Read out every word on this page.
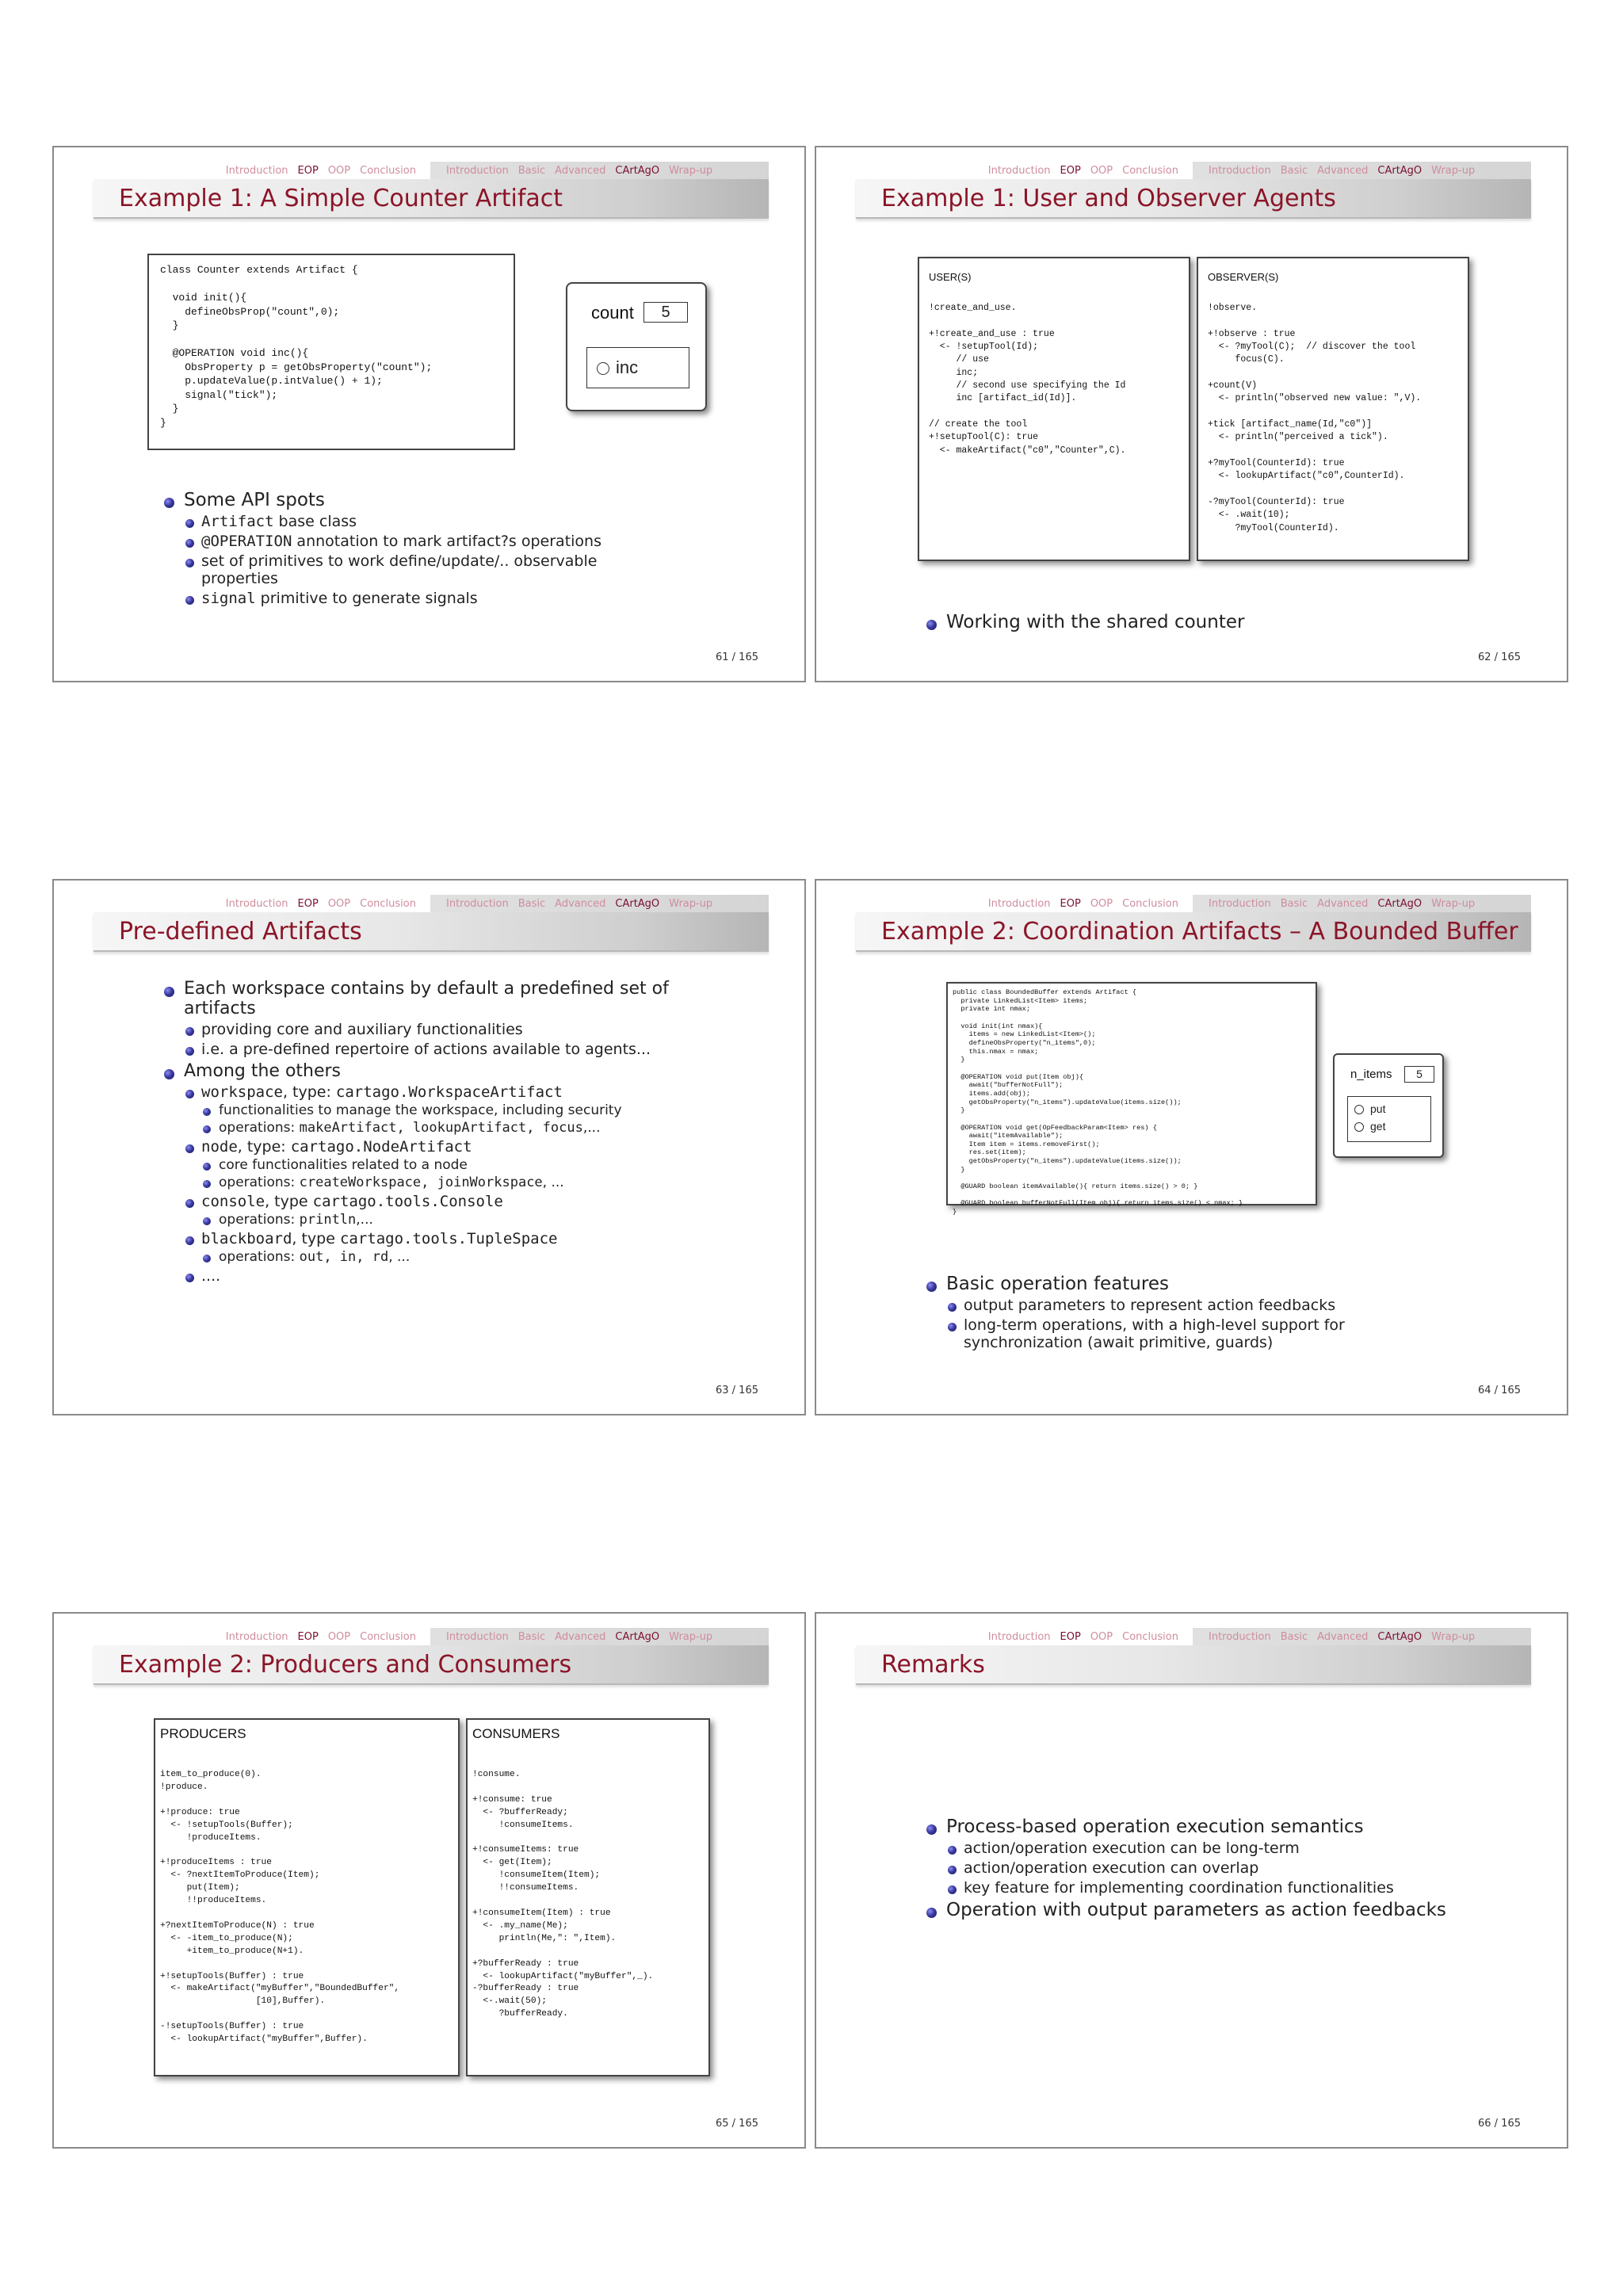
Introduction EOP OOP Conclusion	Introduction Basic Advanced CArtAgO Wrap-up
Example 1: A Simple Counter Artifact
class Counter extends Artifact {

void init(){
defineObsProp("count",0);
}

@OPERATION void inc(){
ObsProperty p = getObsProperty("count");
p.updateValue(p.intValue() + 1);
signal("tick");
}
}
count	5
inc
Some API spots
Artifact base class
@OPERATION annotation to mark artifact?s operations
set of primitives to work define/update/.. observable properties
signal primitive to generate signals
61 / 165
Introduction EOP OOP Conclusion	Introduction Basic Advanced CArtAgO Wrap-up
Example 1: User and Observer Agents
USER(S)
!create_and_use.

+!create_and_use : true
<- !setupTool(Id);
// use
inc;
// second use specifying the Id
inc [artifact_id(Id)].

// create the tool
+!setupTool(C): true
<- makeArtifact("c0","Counter",C).
OBSERVER(S)
!observe.

+!observe : true
<- ?myTool(C);  // discover the tool
focus(C).

+count(V)
<- println("observed new value: ",V).

+tick [artifact_name(Id,"c0")]
<- println("perceived a tick").

+?myTool(CounterId): true
<- lookupArtifact("c0",CounterId).

-?myTool(CounterId): true
<- .wait(10);
?myTool(CounterId).
Working with the shared counter
62 / 165
Introduction EOP OOP Conclusion	Introduction Basic Advanced CArtAgO Wrap-up
Pre-defined Artifacts
Each workspace contains by default a predefined set of artifacts
providing core and auxiliary functionalities
i.e. a pre-defined repertoire of actions available to agents...
Among the others
workspace, type: cartago.WorkspaceArtifact
functionalities to manage the workspace, including security
operations: makeArtifact, lookupArtifact, focus,...
node, type: cartago.NodeArtifact
core functionalities related to a node
operations: createWorkspace, joinWorkspace, ...
console, type cartago.tools.Console
operations: println,...
blackboard, type cartago.tools.TupleSpace
operations: out, in, rd, ...
....
63 / 165
Introduction EOP OOP Conclusion	Introduction Basic Advanced CArtAgO Wrap-up
Example 2: Coordination Artifacts – A Bounded Buffer
public class BoundedBuffer extends Artifact {
private LinkedList<Item> items;
private int nmax;

void init(int nmax){
items = new LinkedList<Item>();
defineObsProperty("n_items",0);
this.nmax = nmax;
}

@OPERATION void put(Item obj){
await("bufferNotFull");
items.add(obj);
getObsProperty("n_items").updateValue(items.size());
}

@OPERATION void get(OpFeedbackParam<Item> res) {
await("itemAvailable");
Item item = items.removeFirst();
res.set(item);
getObsProperty("n_items").updateValue(items.size());
}

@GUARD boolean itemAvailable(){ return items.size() > 0; }

@GUARD boolean bufferNotFull(Item obj){ return items.size() < nmax; }
}
n_items	5
put
get
Basic operation features
output parameters to represent action feedbacks
long-term operations, with a high-level support for synchronization (await primitive, guards)
64 / 165
Introduction EOP OOP Conclusion	Introduction Basic Advanced CArtAgO Wrap-up
Example 2: Producers and Consumers
PRODUCERS
item_to_produce(0).
!produce.

+!produce: true
<- !setupTools(Buffer);
!produceItems.

+!produceItems : true
<- ?nextItemToProduce(Item);
put(Item);
!!produceItems.

+?nextItemToProduce(N) : true
<- -item_to_produce(N);
+item_to_produce(N+1).

+!setupTools(Buffer) : true
<- makeArtifact("myBuffer","BoundedBuffer",
[10],Buffer).

-!setupTools(Buffer) : true
<- lookupArtifact("myBuffer",Buffer).
CONSUMERS
!consume.

+!consume: true
<- ?bufferReady;
!consumeItems.

+!consumeItems: true
<- get(Item);
!consumeItem(Item);
!!consumeItems.

+!consumeItem(Item) : true
<- .my_name(Me);
println(Me,": ",Item).

+?bufferReady : true
<- lookupArtifact("myBuffer",_).
-?bufferReady : true
<-.wait(50);
?bufferReady.
65 / 165
Introduction EOP OOP Conclusion	Introduction Basic Advanced CArtAgO Wrap-up
Remarks
Process-based operation execution semantics
action/operation execution can be long-term
action/operation execution can overlap
key feature for implementing coordination functionalities
Operation with output parameters as action feedbacks
66 / 165
